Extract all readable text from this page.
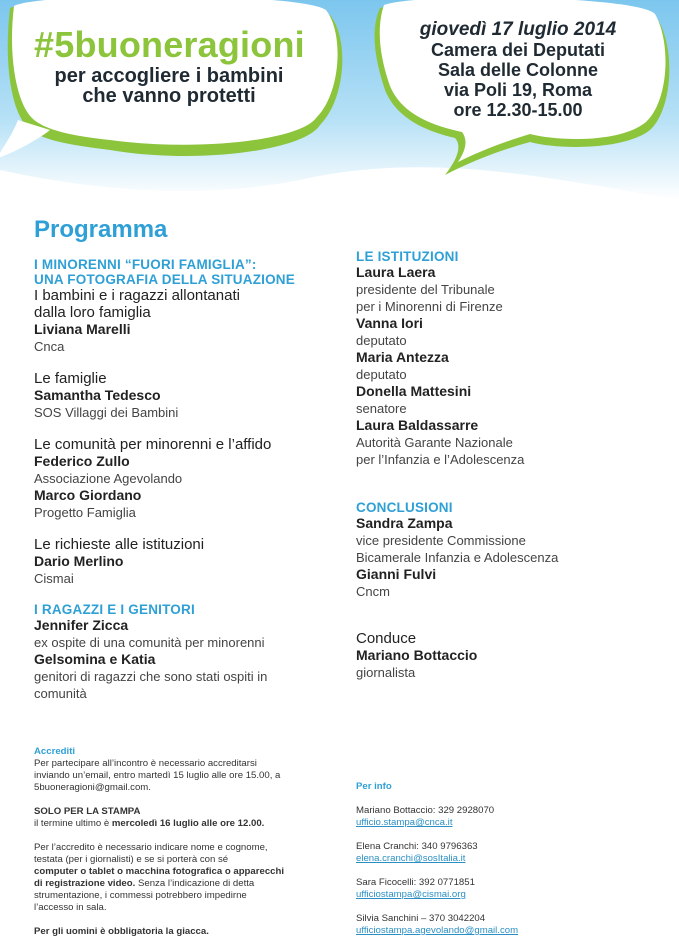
#5buoneragioni
per accogliere i bambini
che vanno protetti
giovedì 17 luglio 2014
Camera dei Deputati
Sala delle Colonne
via Poli 19, Roma
ore 12.30-15.00
Programma
I MINORENNI “FUORI FAMIGLIA”:
UNA FOTOGRAFIA DELLA SITUAZIONE
I bambini e i ragazzi allontanati
dalla loro famiglia
Liviana Marelli
Cnca
Le famiglie
Samantha Tedesco
SOS Villaggi dei Bambini
Le comunità per minorenni e l’affido
Federico Zullo
Associazione Agevolando
Marco Giordano
Progetto Famiglia
Le richieste alle istituzioni
Dario Merlino
Cismai
I RAGAZZI E I GENITORI
Jennifer Zicca
ex ospite di una comunità per minorenni
Gelsomina e Katia
genitori di ragazzi che sono stati ospiti in
comunità
LE ISTITUZIONI
Laura Laera
presidente del Tribunale
per i Minorenni di Firenze
Vanna Iori
deputato
Maria Antezza
deputato
Donella Mattesini
senatore
Laura Baldassarre
Autorità Garante Nazionale
per l’Infanzia e l’Adolescenza
CONCLUSIONI
Sandra Zampa
vice presidente Commissione
Bicamerale Infanzia e Adolescenza
Gianni Fulvi
Cncm
Conduce
Mariano Bottaccio
giornalista
Accrediti
Per partecipare all’incontro è necessario accreditarsi
inviando un’email, entro martedì 15 luglio alle ore 15.00, a
5buoneragioni@gmail.com.
SOLO PER LA STAMPA
il termine ultimo è mercoledì 16 luglio alle ore 12.00.
Per l’accredito è necessario indicare nome e cognome,
testata (per i giornalisti) e se si porterà con sé
computer o tablet o macchina fotografica o apparecchi
di registrazione video. Senza l’indicazione di detta
strumentazione, i commessi potrebbero impedirne
l’accesso in sala.
Per gli uomini è obbligatoria la giacca.
Per info
Mariano Bottaccio: 329 2928070
ufficio.stampa@cnca.it
Elena Cranchi: 340 9796363
elena.cranchi@sosItalia.it
Sara Ficocelli: 392 0771851
ufficiostampa@cismai.org
Silvia Sanchini – 370 3042204
ufficiostampa.agevolando@gmail.com
